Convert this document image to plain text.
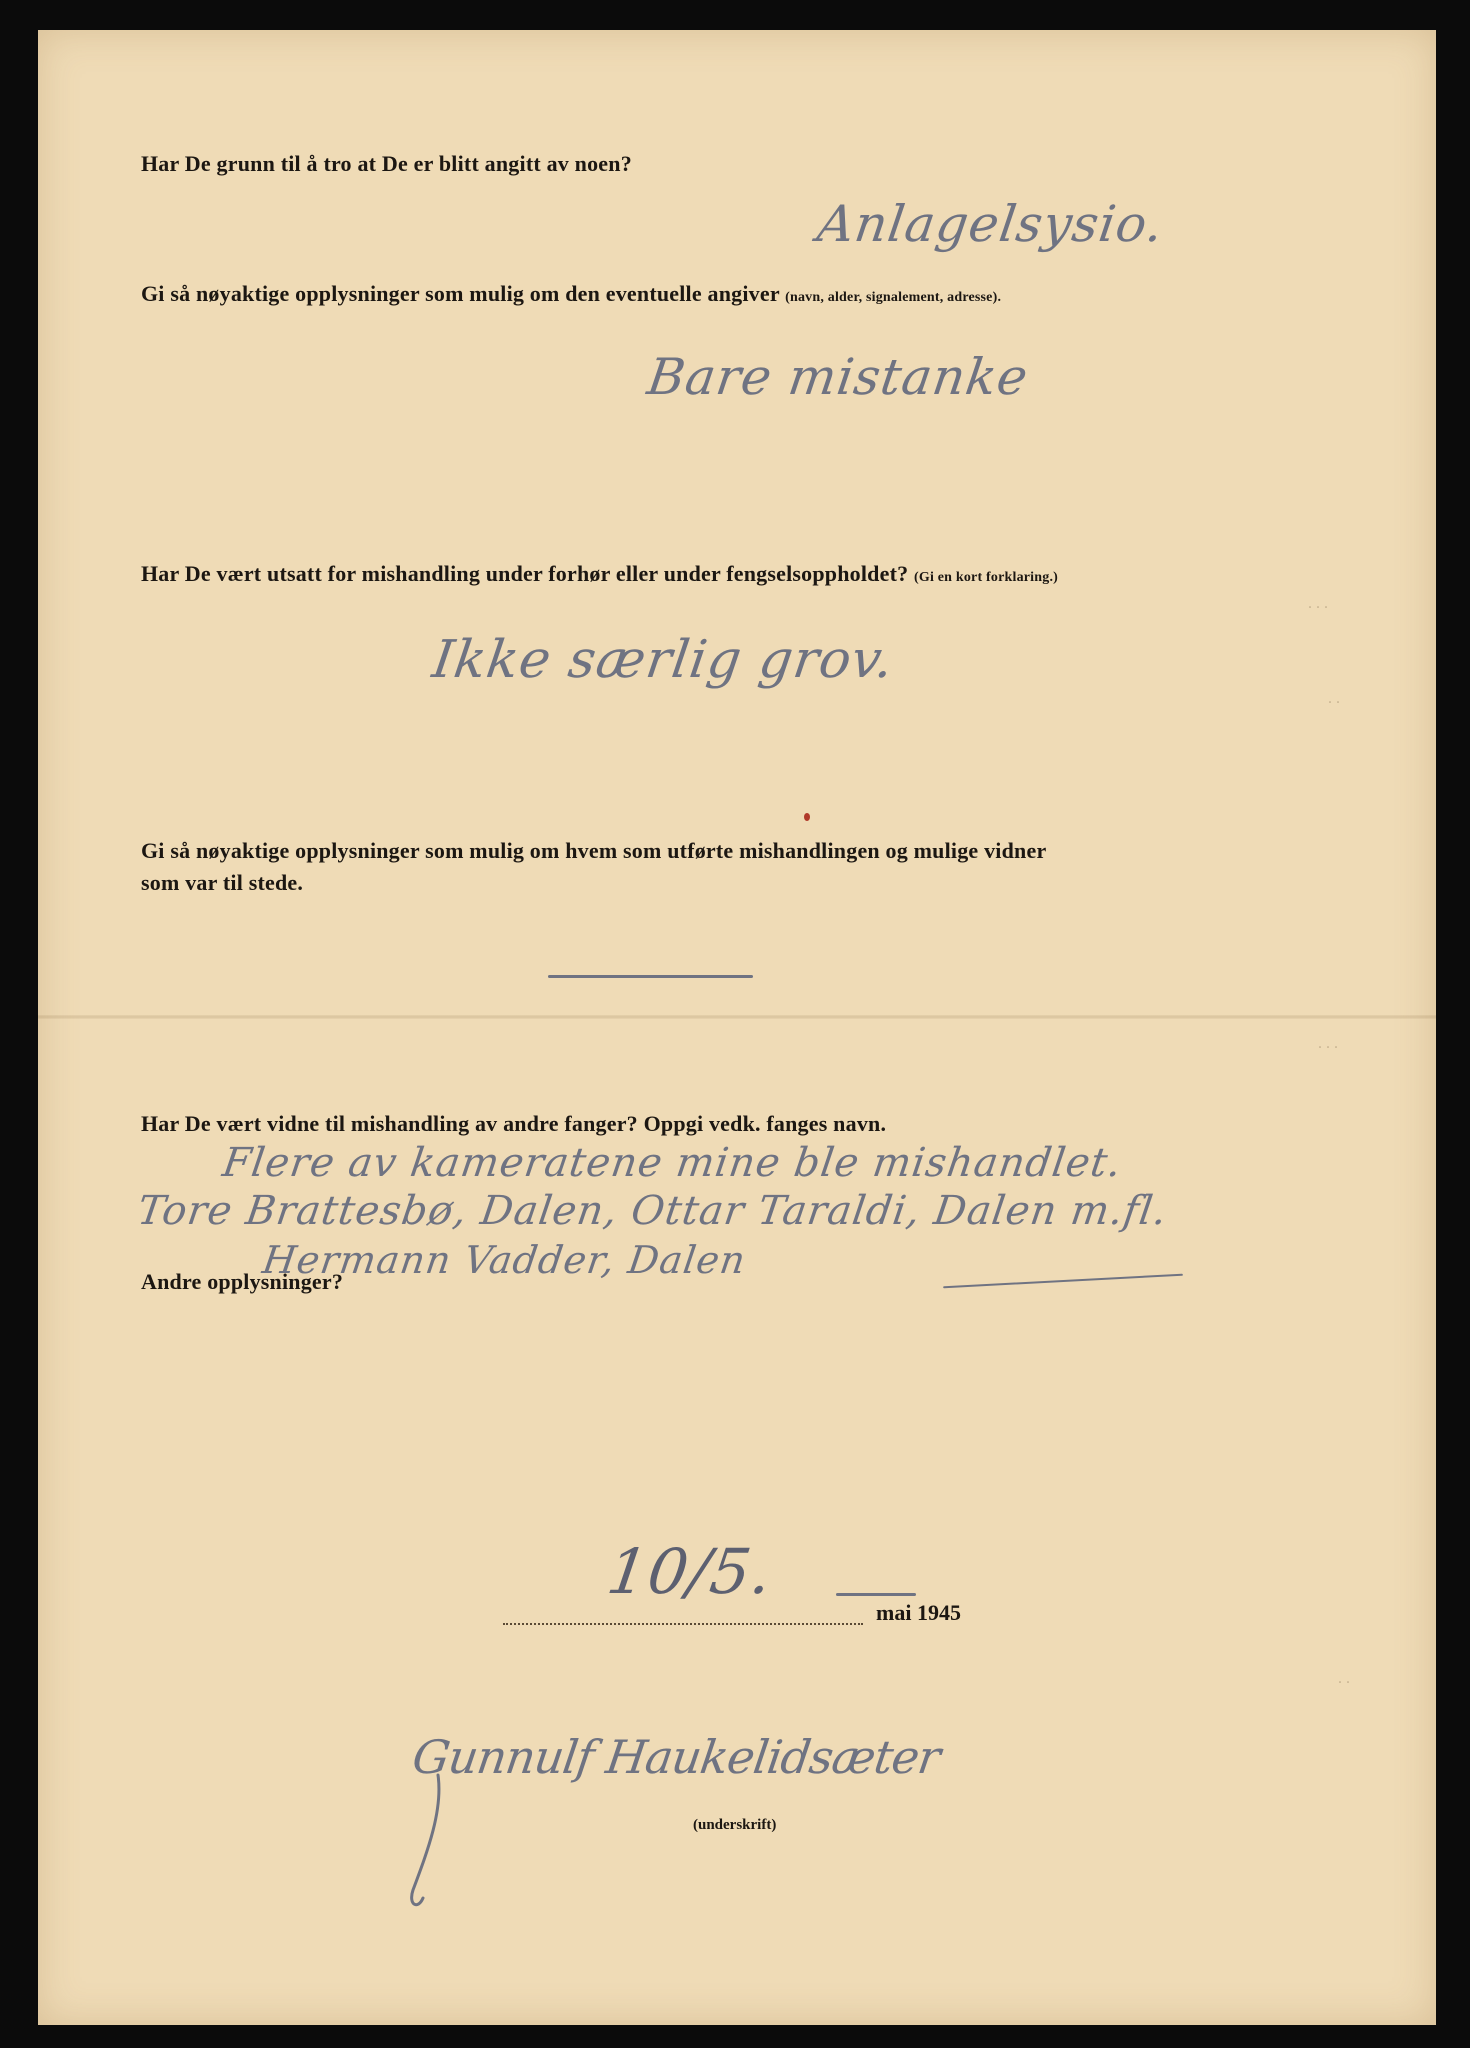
. . .

. .

. . .

. .

Har De grunn til å tro at De er blitt angitt av noen?

Anlagelsysio.

Gi så nøyaktige opplysninger som mulig om den eventuelle angiver (navn, alder, signalement, adresse).

Bare mistanke

Har De vært utsatt for mishandling under forhør eller under fengselsoppholdet? (Gi en kort forklaring.)

Ikke særlig grov.

Gi så nøyaktige opplysninger som mulig om hvem som utførte mishandlingen og mulige vidner

som var til stede.

Har De vært vidne til mishandling av andre fanger? Oppgi vedk. fanges navn.

Flere av kameratene mine ble mishandlet.

Tore Brattesbø, Dalen, Ottar Taraldi, Dalen m.fl.

Hermann Vadder, Dalen

Andre opplysninger?

10/5.

mai 1945

Gunnulf Haukelidsæter

(underskrift)
